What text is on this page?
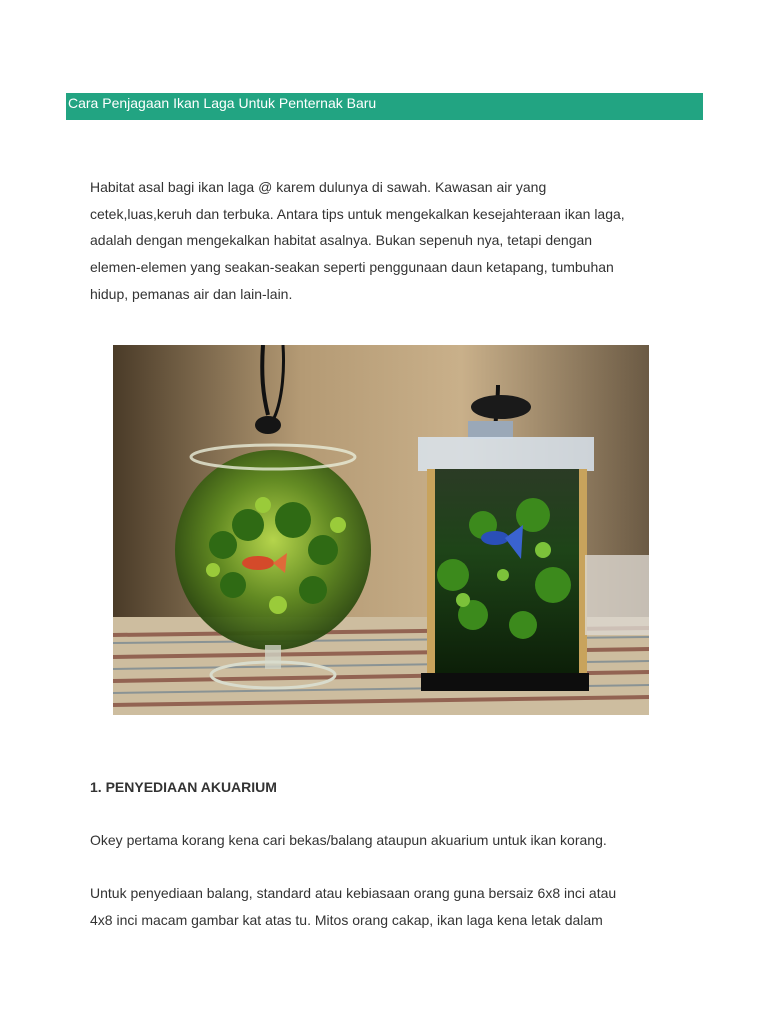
Cara Penjagaan Ikan Laga Untuk Penternak Baru

Habitat asal bagi ikan laga @ karem dulunya di sawah. Kawasan air yang
cetek,luas,keruh dan terbuka. Antara tips untuk mengekalkan kesejahteraan ikan laga,
adalah dengan mengekalkan habitat asalnya. Bukan sepenuh nya, tetapi dengan
elemen-elemen yang seakan-seakan seperti penggunaan daun ketapang, tumbuhan
hidup, pemanas air dan lain-lain.

1. PENYEDIAAN AKUARIUM

Okey pertama korang kena cari bekas/balang ataupun akuarium untuk ikan korang.

Untuk penyediaan balang, standard atau kebiasaan orang guna bersaiz 6x8 inci atau
4x8 inci macam gambar kat atas tu. Mitos orang cakap, ikan laga kena letak dalam
